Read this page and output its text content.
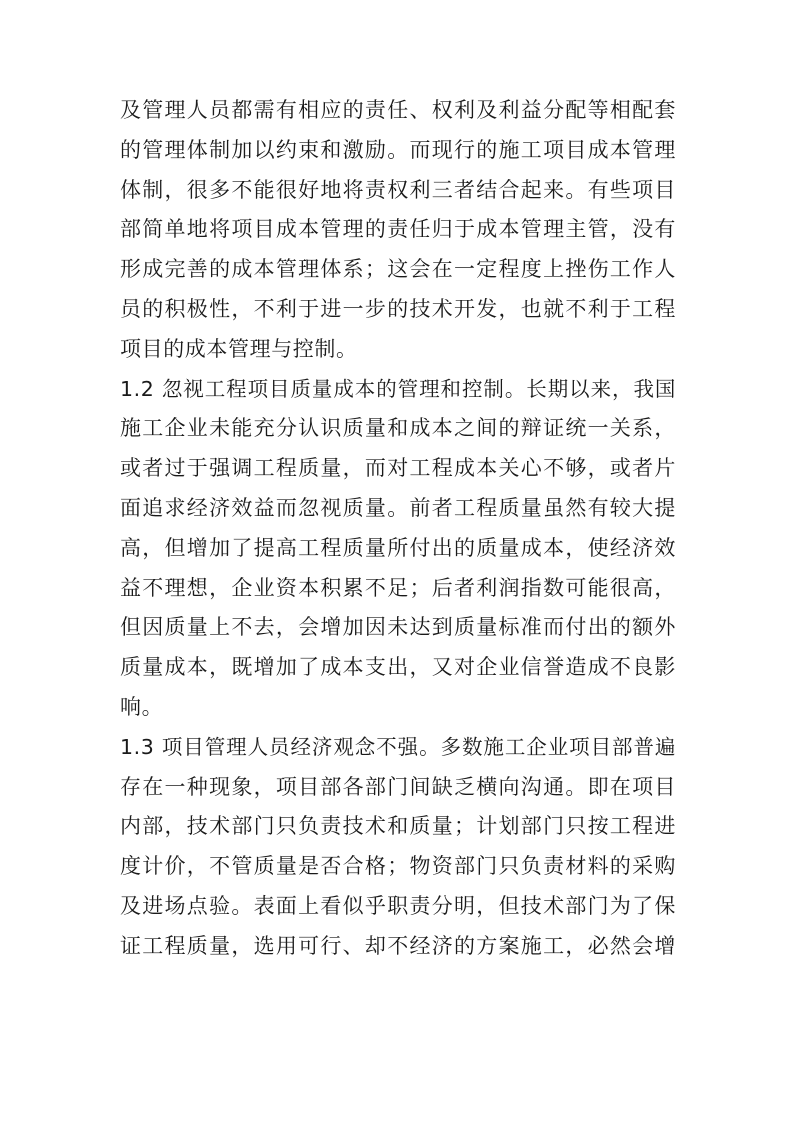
及管理人员都需有相应的责任、权利及利益分配等相配套
的管理体制加以约束和激励。而现行的施工项目成本管理
体制，很多不能很好地将责权利三者结合起来。有些项目
部简单地将项目成本管理的责任归于成本管理主管，没有
形成完善的成本管理体系；这会在一定程度上挫伤工作人
员的积极性，不利于进一步的技术开发，也就不利于工程
项目的成本管理与控制。
1.2 忽视工程项目质量成本的管理和控制。长期以来，我国
施工企业未能充分认识质量和成本之间的辩证统一关系，
或者过于强调工程质量，而对工程成本关心不够，或者片
面追求经济效益而忽视质量。前者工程质量虽然有较大提
高，但增加了提高工程质量所付出的质量成本，使经济效
益不理想，企业资本积累不足；后者利润指数可能很高，
但因质量上不去，会增加因未达到质量标准而付出的额外
质量成本，既增加了成本支出，又对企业信誉造成不良影
响。
1.3 项目管理人员经济观念不强。多数施工企业项目部普遍
存在一种现象，项目部各部门间缺乏横向沟通。即在项目
内部，技术部门只负责技术和质量；计划部门只按工程进
度计价，不管质量是否合格；物资部门只负责材料的采购
及进场点验。表面上看似乎职责分明，但技术部门为了保
证工程质量，选用可行、却不经济的方案施工，必然会增
